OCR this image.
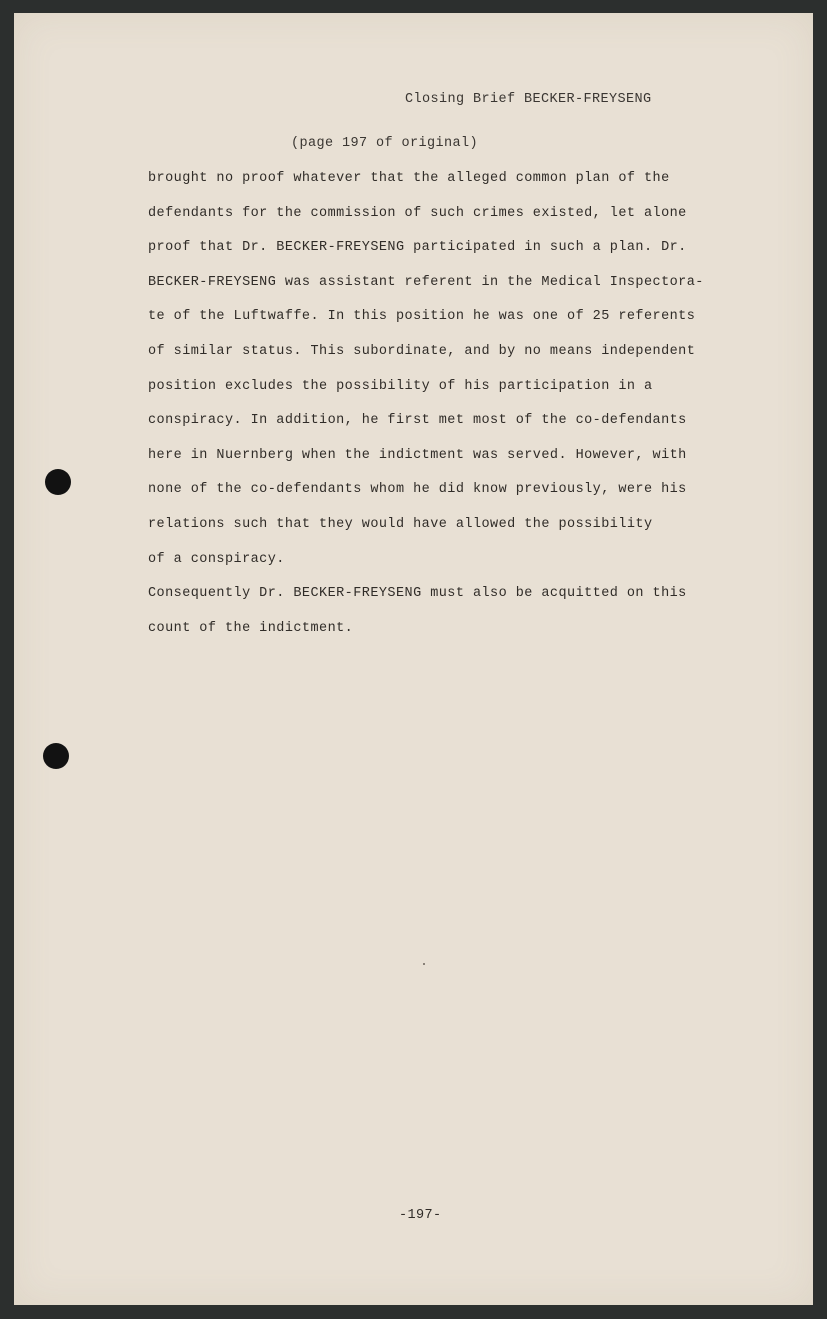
Closing Brief BECKER-FREYSENG
(page 197 of original)
brought no proof whatever that the alleged common plan of the
defendants for the commission of such crimes existed, let alone
proof that Dr. BECKER-FREYSENG participated in such a plan. Dr.
BECKER-FREYSENG was assistant referent in the Medical Inspectora-
te of the Luftwaffe. In this position he was one of 25 referents
of similar status. This subordinate, and by no means independent
position excludes the possibility of his participation in a
conspiracy. In addition, he first met most of the co-defendants
here in Nuernberg when the indictment was served. However, with
none of the co-defendants whom he did know previously, were his
relations such that they would have allowed the possibility
of a conspiracy.
Consequently Dr. BECKER-FREYSENG must also be acquitted on this
count of the indictment.
-197-
